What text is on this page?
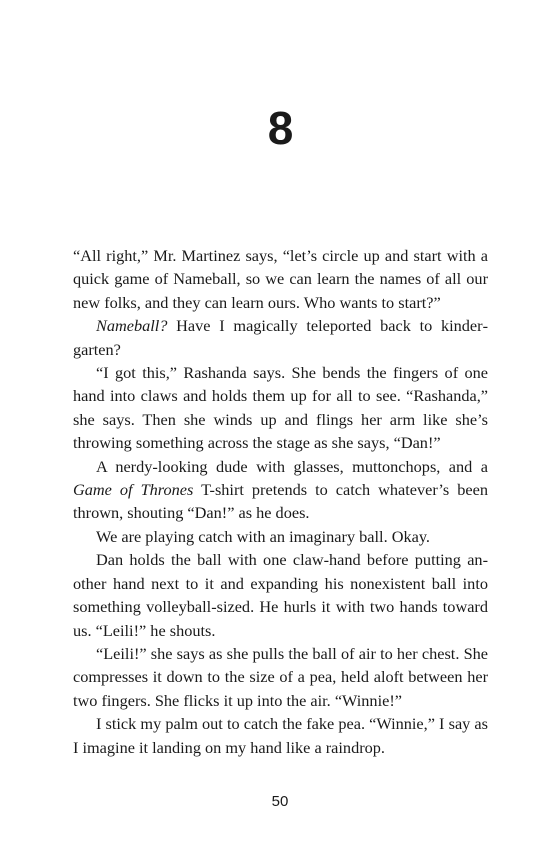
8

“All right,” Mr. Martinez says, “let’s circle up and start with a quick game of Nameball, so we can learn the names of all our new folks, and they can learn ours. Who wants to start?”

Nameball? Have I magically teleported back to kindergarten?

“I got this,” Rashanda says. She bends the fingers of one hand into claws and holds them up for all to see. “Rashanda,” she says. Then she winds up and flings her arm like she’s throwing something across the stage as she says, “Dan!”

A nerdy-looking dude with glasses, muttonchops, and a Game of Thrones T-shirt pretends to catch whatever’s been thrown, shouting “Dan!” as he does.

We are playing catch with an imaginary ball. Okay.

Dan holds the ball with one claw-hand before putting another hand next to it and expanding his nonexistent ball into something volleyball-sized. He hurls it with two hands toward us. “Leili!” he shouts.

“Leili!” she says as she pulls the ball of air to her chest. She compresses it down to the size of a pea, held aloft between her two fingers. She flicks it up into the air. “Winnie!”

I stick my palm out to catch the fake pea. “Winnie,” I say as I imagine it landing on my hand like a raindrop.

50
